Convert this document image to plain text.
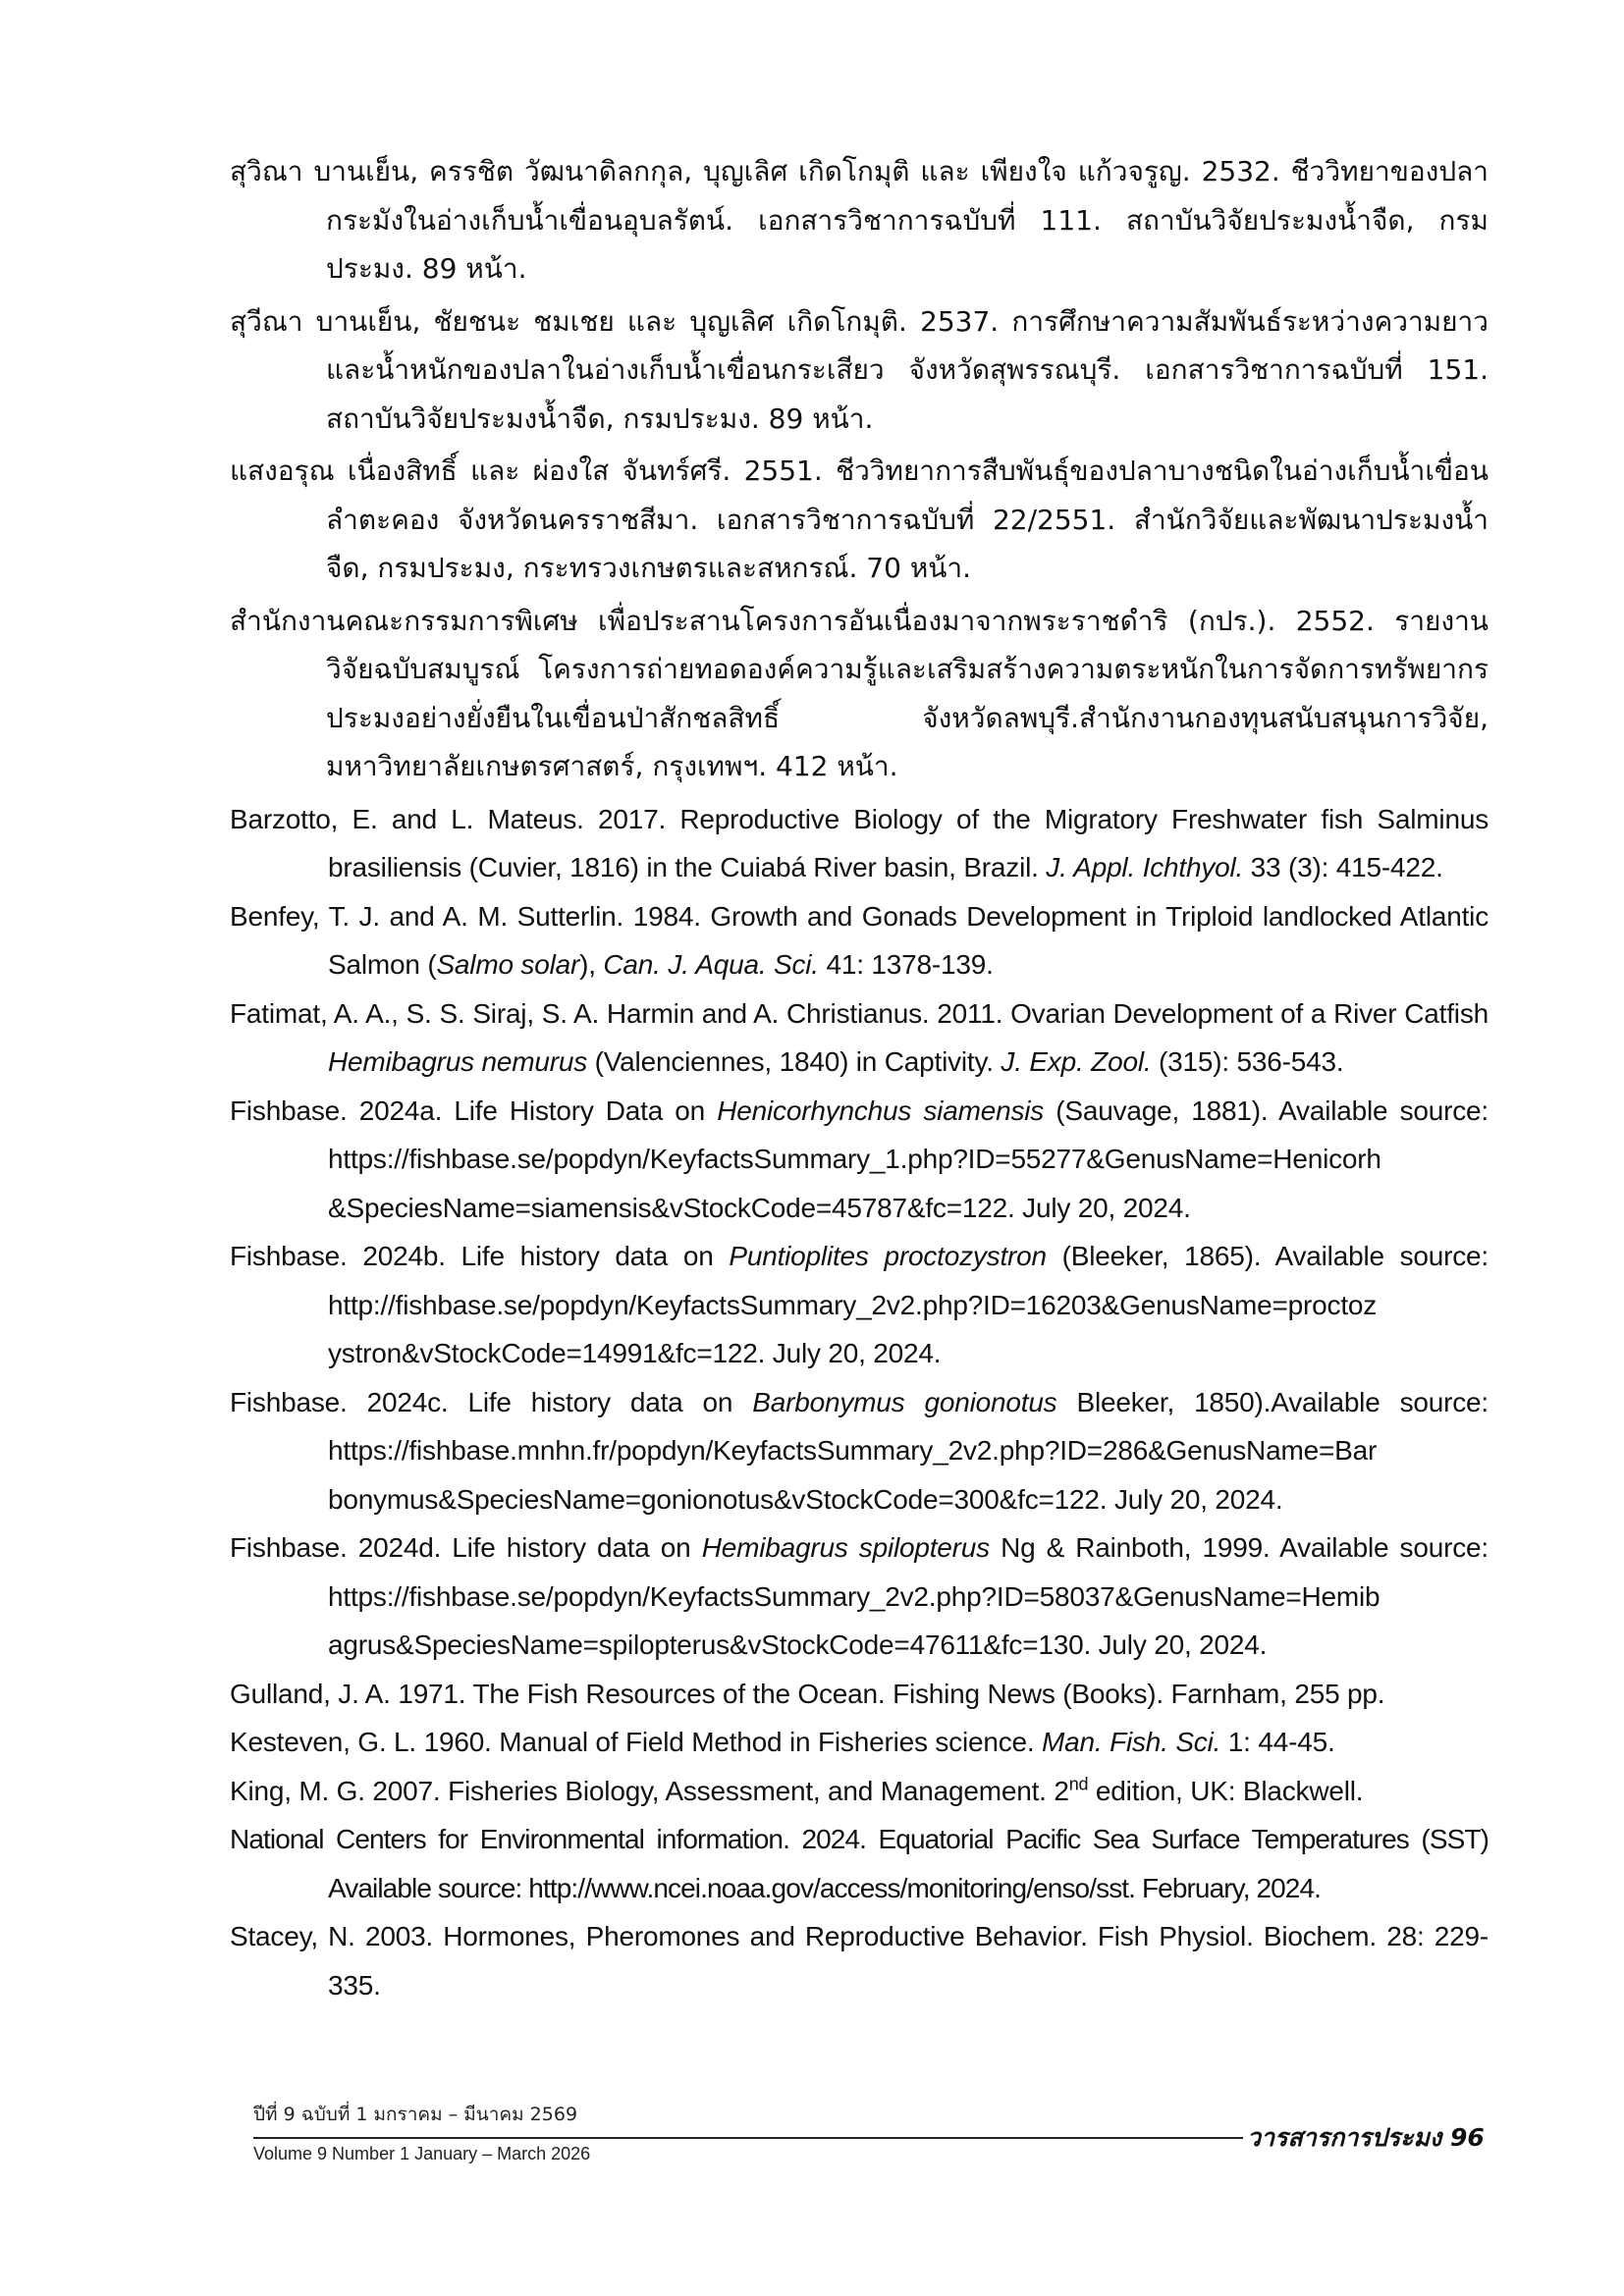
สุวิณา บานเย็น, ครรชิต วัฒนาดิลกกุล, บุญเลิศ เกิดโกมุติ และ เพียงใจ แก้วจรูญ. 2532. ชีววิทยาของปลากระมังในอ่างเก็บน้ำเขื่อนอุบลรัตน์. เอกสารวิชาการฉบับที่ 111. สถาบันวิจัยประมงน้ำจืด, กรมประมง. 89 หน้า.
สุวีณา บานเย็น, ชัยชนะ ชมเชย และ บุญเลิศ เกิดโกมุติ. 2537. การศึกษาความสัมพันธ์ระหว่างความยาวและน้ำหนักของปลาในอ่างเก็บน้ำเขื่อนกระเสียว จังหวัดสุพรรณบุรี. เอกสารวิชาการฉบับที่ 151. สถาบันวิจัยประมงน้ำจืด, กรมประมง. 89 หน้า.
แสงอรุณ เนื่องสิทธิ์ และ ผ่องใส จันทร์ศรี. 2551. ชีววิทยาการสืบพันธุ์ของปลาบางชนิดในอ่างเก็บน้ำเขื่อนลำตะคอง จังหวัดนครราชสีมา. เอกสารวิชาการฉบับที่ 22/2551. สำนักวิจัยและพัฒนาประมงน้ำจืด, กรมประมง, กระทรวงเกษตรและสหกรณ์. 70 หน้า.
สำนักงานคณะกรรมการพิเศษ เพื่อประสานโครงการอันเนื่องมาจากพระราชดำริ (กปร.). 2552. รายงานวิจัยฉบับสมบูรณ์ โครงการถ่ายทอดองค์ความรู้และเสริมสร้างความตระหนักในการจัดการทรัพยากรประมงอย่างยั่งยืนในเขื่อนป่าสักชลสิทธิ์ จังหวัดลพบุรี.สำนักงานกองทุนสนับสนุนการวิจัย, มหาวิทยาลัยเกษตรศาสตร์, กรุงเทพฯ. 412 หน้า.
Barzotto, E. and L. Mateus. 2017. Reproductive Biology of the Migratory Freshwater fish Salminus brasiliensis (Cuvier, 1816) in the Cuiabá River basin, Brazil. J. Appl. Ichthyol. 33 (3): 415-422.
Benfey, T. J. and A. M. Sutterlin. 1984. Growth and Gonads Development in Triploid landlocked Atlantic Salmon (Salmo solar), Can. J. Aqua. Sci. 41: 1378-139.
Fatimat, A. A., S. S. Siraj, S. A. Harmin and A. Christianus. 2011. Ovarian Development of a River Catfish Hemibagrus nemurus (Valenciennes, 1840) in Captivity. J. Exp. Zool. (315): 536-543.
Fishbase. 2024a. Life History Data on Henicorhynchus siamensis (Sauvage, 1881). Available source: https://fishbase.se/popdyn/KeyfactsSummary_1.php?ID=55277&GenusName=Henicorh &SpeciesName=siamensis&vStockCode=45787&fc=122. July 20, 2024.
Fishbase. 2024b. Life history data on Puntioplites proctozystron (Bleeker, 1865). Available source: http://fishbase.se/popdyn/KeyfactsSummary_2v2.php?ID=16203&GenusName=proctoz ystron&vStockCode=14991&fc=122. July 20, 2024.
Fishbase. 2024c. Life history data on Barbonymus gonionotus Bleeker, 1850).Available source: https://fishbase.mnhn.fr/popdyn/KeyfactsSummary_2v2.php?ID=286&GenusName=Bar bonymus&SpeciesName=gonionotus&vStockCode=300&fc=122. July 20, 2024.
Fishbase. 2024d. Life history data on Hemibagrus spilopterus Ng & Rainboth, 1999. Available source: https://fishbase.se/popdyn/KeyfactsSummary_2v2.php?ID=58037&GenusName=Hemib agrus&SpeciesName=spilopterus&vStockCode=47611&fc=130. July 20, 2024.
Gulland, J. A. 1971. The Fish Resources of the Ocean. Fishing News (Books). Farnham, 255 pp.
Kesteven, G. L. 1960. Manual of Field Method in Fisheries science. Man. Fish. Sci. 1: 44-45.
King, M. G. 2007. Fisheries Biology, Assessment, and Management. 2nd edition, UK: Blackwell.
National Centers for Environmental information. 2024. Equatorial Pacific Sea Surface Temperatures (SST) Available source: http://www.ncei.noaa.gov/access/monitoring/enso/sst. February, 2024.
Stacey, N. 2003. Hormones, Pheromones and Reproductive Behavior. Fish Physiol. Biochem. 28: 229-335.
ปีที่ 9 ฉบับที่ 1 มกราคม – มีนาคม 2569
Volume 9 Number 1 January – March 2026
วารสารการประมง 96
